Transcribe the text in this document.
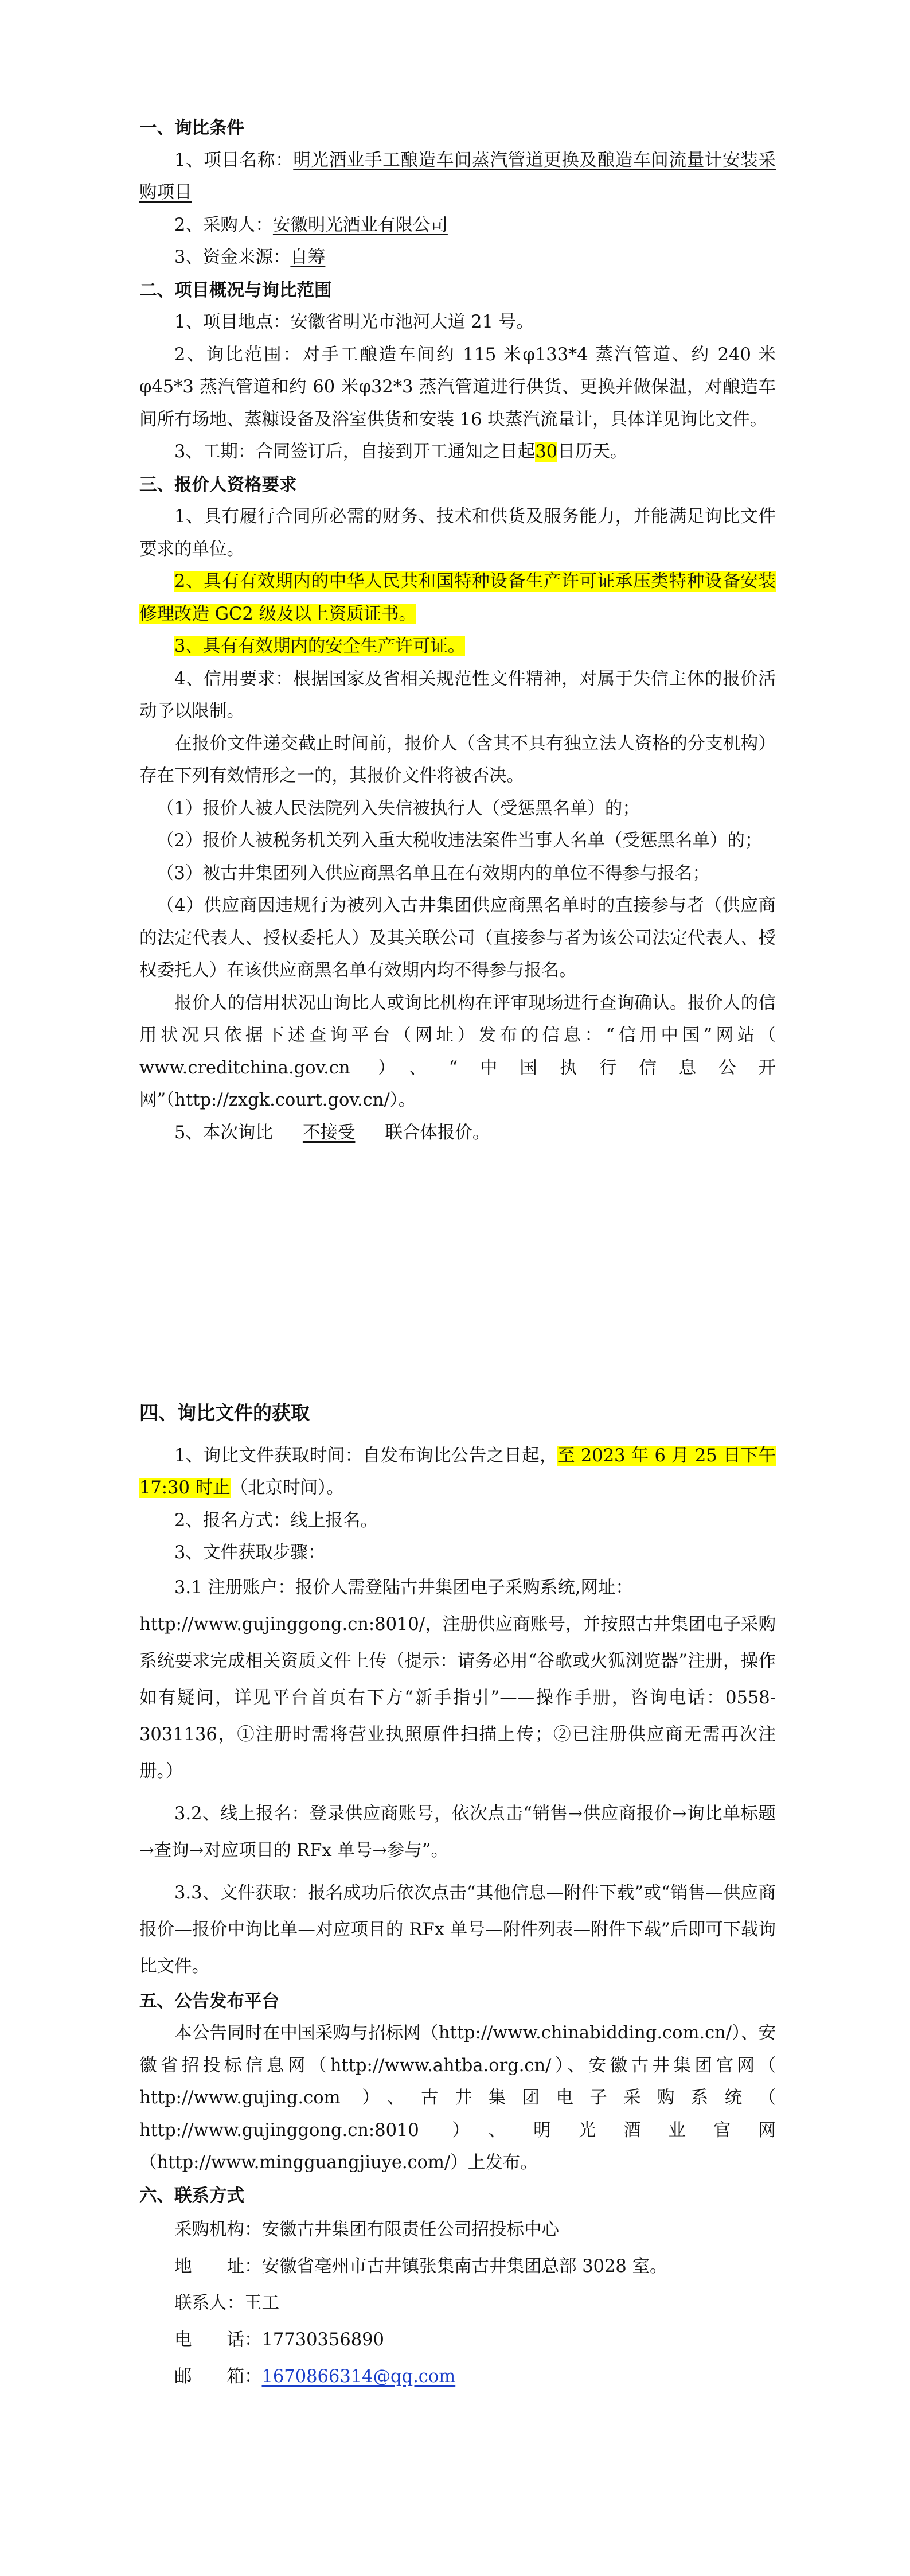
一、询比条件

1、项目名称：明光酒业手工酿造车间蒸汽管道更换及酿造车间流量计安装采购项目

2、采购人：安徽明光酒业有限公司

3、资金来源：自筹

二、项目概况与询比范围

1、项目地点：安徽省明光市池河大道 21 号。

2、询比范围：对手工酿造车间约 115 米φ133*4 蒸汽管道、约 240 米φ45*3 蒸汽管道和约 60 米φ32*3 蒸汽管道进行供货、更换并做保温，对酿造车间所有场地、蒸糠设备及浴室供货和安装 16 块蒸汽流量计，具体详见询比文件。

3、工期：合同签订后，自接到开工通知之日起30日历天。

三、报价人资格要求

1、具有履行合同所必需的财务、技术和供货及服务能力，并能满足询比文件要求的单位。

2、具有有效期内的中华人民共和国特种设备生产许可证承压类特种设备安装修理改造 GC2 级及以上资质证书。

3、具有有效期内的安全生产许可证。

4、信用要求：根据国家及省相关规范性文件精神，对属于失信主体的报价活动予以限制。

在报价文件递交截止时间前，报价人（含其不具有独立法人资格的分支机构）存在下列有效情形之一的，其报价文件将被否决。

（1）报价人被人民法院列入失信被执行人（受惩黑名单）的；

（2）报价人被税务机关列入重大税收违法案件当事人名单（受惩黑名单）的；

（3）被古井集团列入供应商黑名单且在有效期内的单位不得参与报名；

（4）供应商因违规行为被列入古井集团供应商黑名单时的直接参与者（供应商的法定代表人、授权委托人）及其关联公司（直接参与者为该公司法定代表人、授权委托人）在该供应商黑名单有效期内均不得参与报名。

报价人的信用状况由询比人或询比机构在评审现场进行查询确认。报价人的信用状况只依据下述查询平台（网址）发布的信息：“信用中国”网站（ www.creditchina.gov.cn ）、“中国执行信息公开网”（http://zxgk.court.gov.cn/）。

5、本次询比 不接受 联合体报价。

四、询比文件的获取

1、询比文件获取时间：自发布询比公告之日起，至 2023 年 6 月 25 日下午 17:30 时止（北京时间）。

2、报名方式：线上报名。

3、文件获取步骤：

3.1 注册账户：报价人需登陆古井集团电子采购系统,网址：

http://www.gujinggong.cn:8010/，注册供应商账号，并按照古井集团电子采购系统要求完成相关资质文件上传（提示：请务必用“谷歌或火狐浏览器”注册，操作如有疑问，详见平台首页右下方“新手指引”——操作手册，咨询电话：0558-3031136，①注册时需将营业执照原件扫描上传；②已注册供应商无需再次注册。）

3.2、线上报名：登录供应商账号，依次点击“销售→供应商报价→询比单标题→查询→对应项目的 RFx 单号→参与”。

3.3、文件获取：报名成功后依次点击“其他信息—附件下载”或“销售—供应商报价—报价中询比单—对应项目的 RFx 单号—附件列表—附件下载”后即可下载询比文件。

五、公告发布平台

本公告同时在中国采购与招标网（http://www.chinabidding.com.cn/）、安徽省招投标信息网（http://www.ahtba.org.cn/）、安徽古井集团官网（ http://www.gujing.com ）、古井集团电子采购系统（ http://www.gujinggong.cn:8010 ）、明光酒业官网（http://www.mingguangjiuye.com/）上发布。

六、联系方式

采购机构：安徽古井集团有限责任公司招投标中心

地　　址：安徽省亳州市古井镇张集南古井集团总部 3028 室。

联系人：王工

电　　话：17730356890

邮　　箱：1670866314@qq.com
